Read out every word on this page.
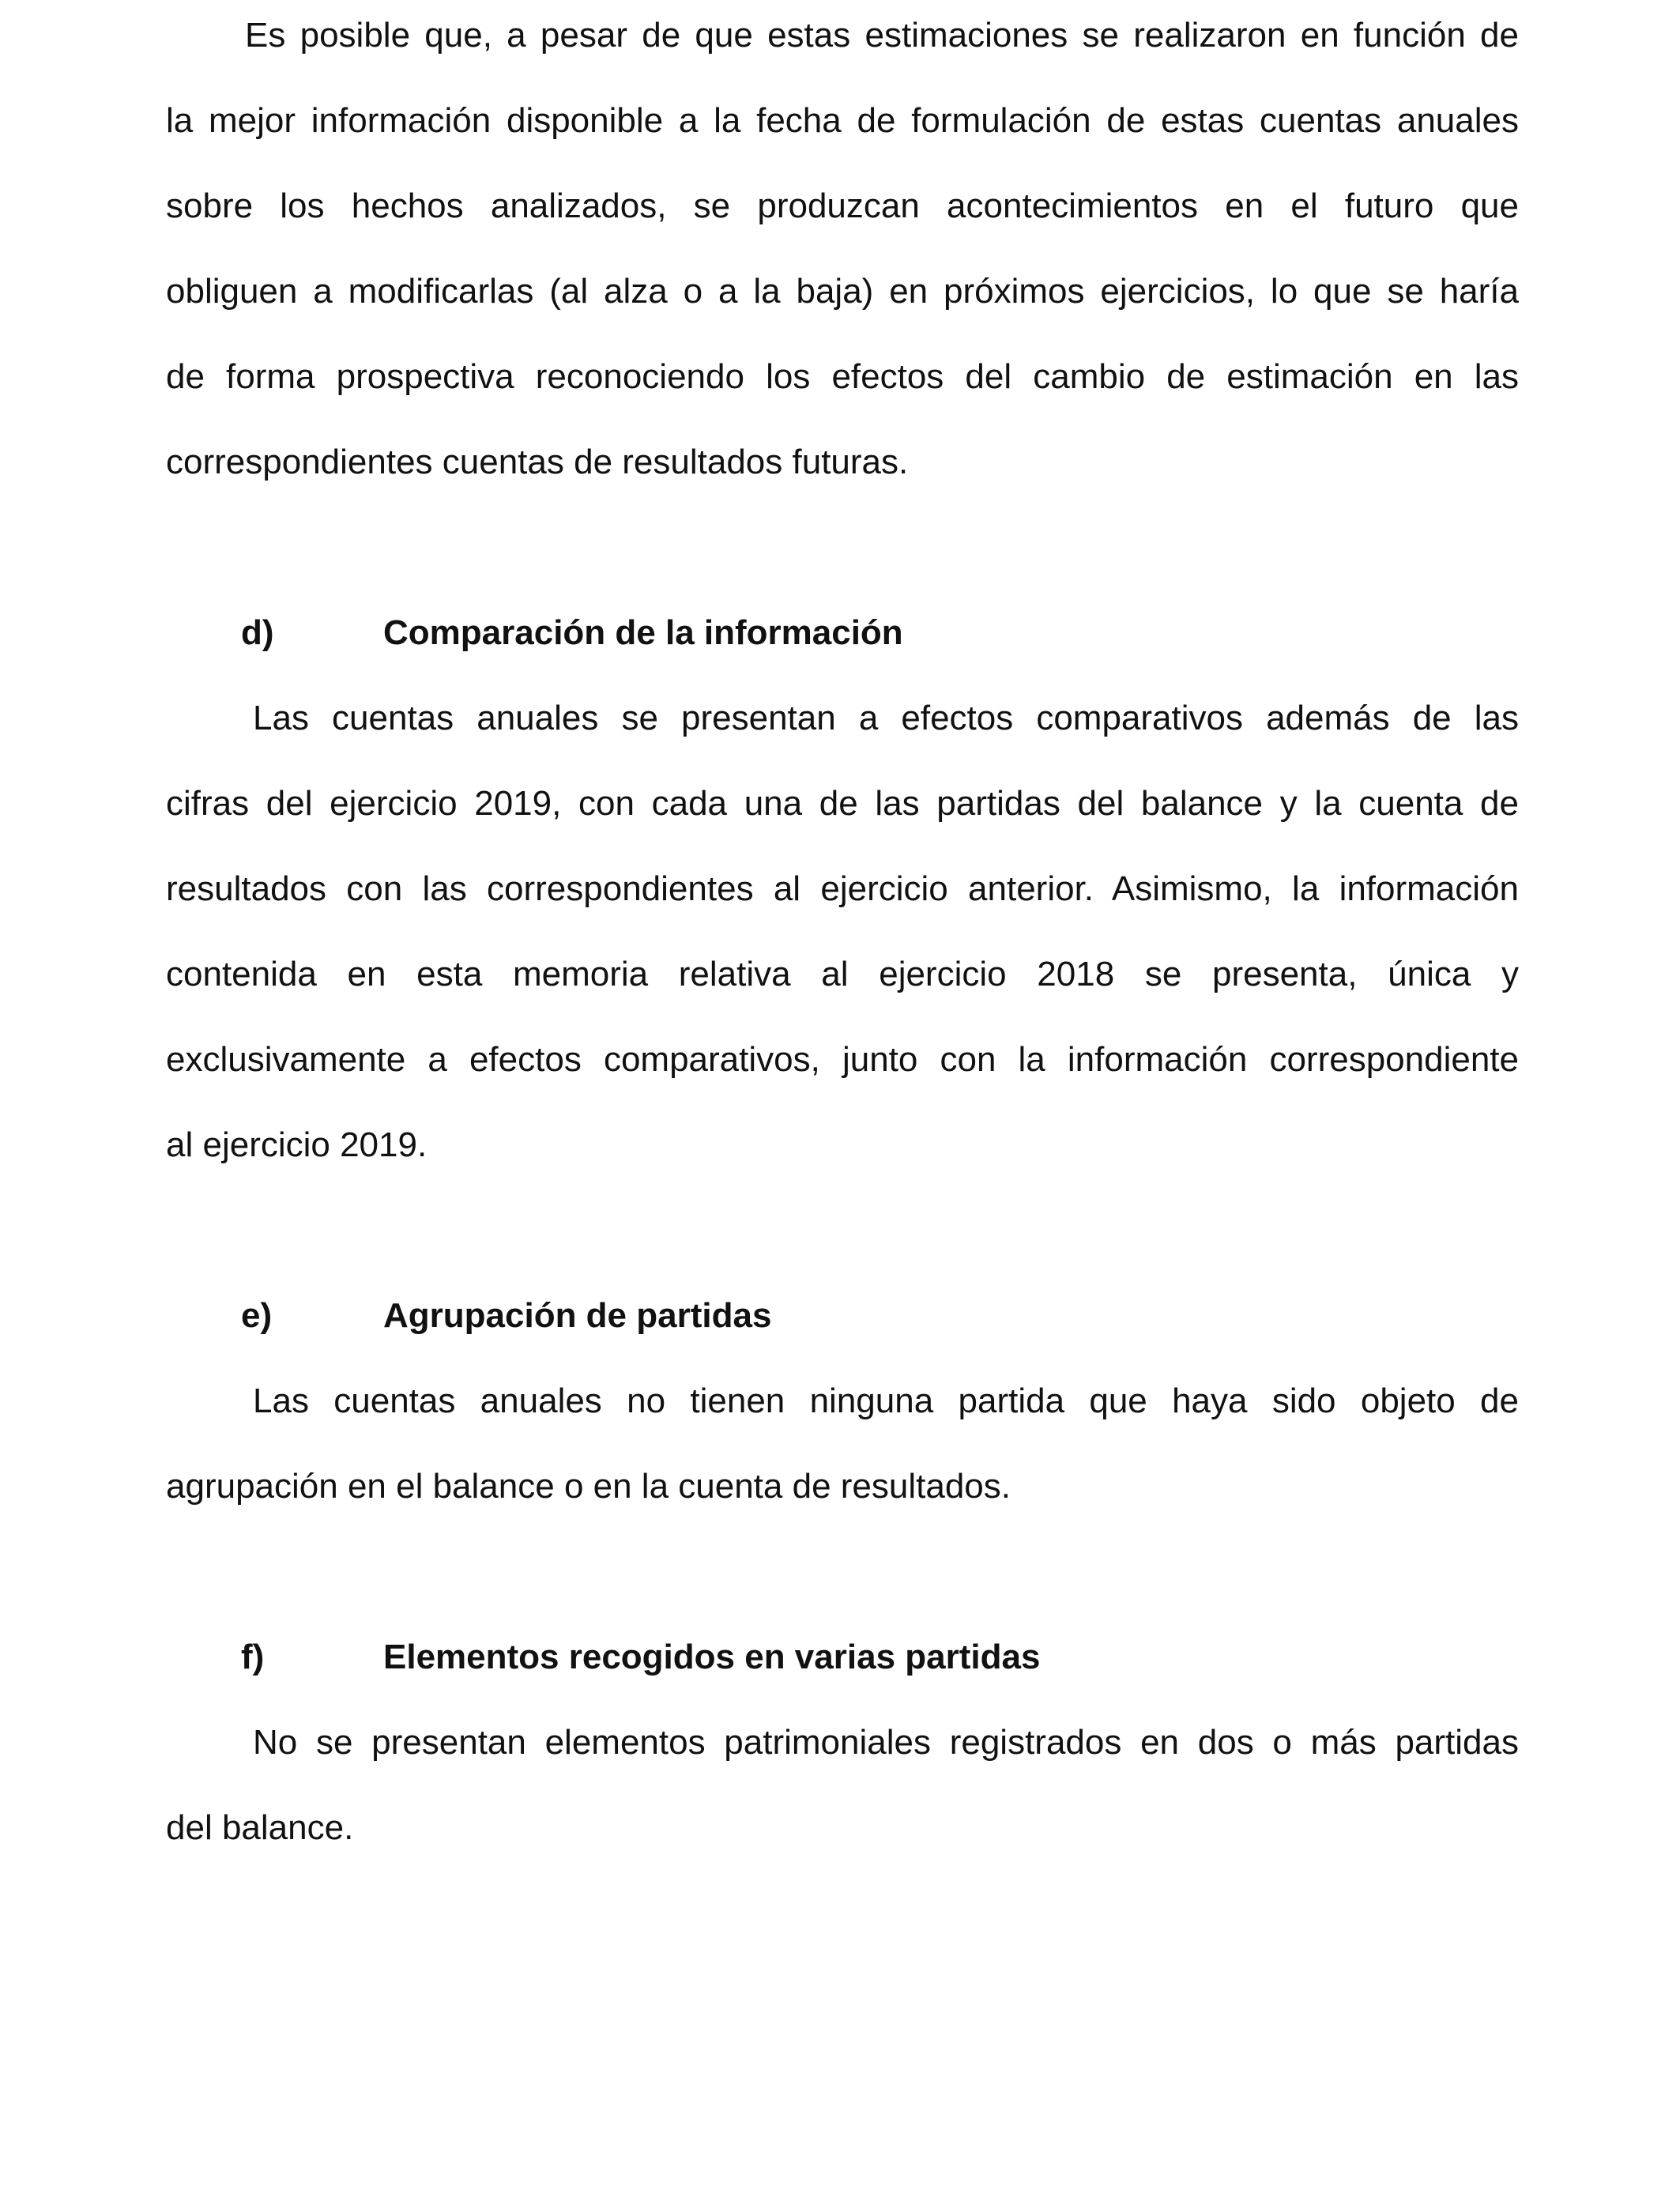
Es posible que, a pesar de que estas estimaciones se realizaron en función de
la mejor información disponible a la fecha de formulación de estas cuentas anuales
sobre los hechos analizados, se produzcan acontecimientos en el futuro que
obliguen a modificarlas (al alza o a la baja) en próximos ejercicios, lo que se haría
de forma prospectiva reconociendo los efectos del cambio de estimación en las
correspondientes cuentas de resultados futuras.
d)	Comparación de la información
Las cuentas anuales se presentan a efectos comparativos además de las
cifras del ejercicio 2019, con cada una de las partidas del balance y la cuenta de
resultados con las correspondientes al ejercicio anterior. Asimismo, la información
contenida en esta memoria relativa al ejercicio 2018 se presenta, única y
exclusivamente a efectos comparativos, junto con la información correspondiente
al ejercicio 2019.
e)	Agrupación de partidas
Las cuentas anuales no tienen ninguna partida que haya sido objeto de
agrupación en el balance o en la cuenta de resultados.
f)	Elementos recogidos en varias partidas
No se presentan elementos patrimoniales registrados en dos o más partidas
del balance.
